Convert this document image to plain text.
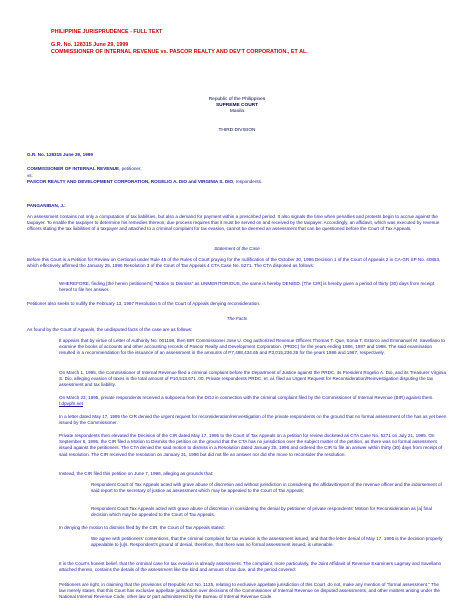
PHILIPPINE JURISPRUDENCE - FULL TEXT
G.R. No. 128315 June 29, 1999
COMMISSIONER OF INTERNAL REVENUE vs. PASCOR REALTY AND DEV'T CORPORATION., ET AL.
Republic of the Philippines
SUPREME COURT
Manila
THIRD DIVISION
G.R. No. 128315 June 29, 1999
COMMISSIONER OF INTERNAL REVENUE, petitioner,
vs.
PASCOR REALTY AND DEVELOPMENT CORPORATION, ROGELIO A. DIO and VIRGINIA S. DIO, respondents.
PANGANIBAN, J.:
An assessment contains not only a computation of tax liabilities, but also a demand for payment within a prescribed period. It also signals the time when penalties and protests begin to accrue against the taxpayer. To enable the taxpayer to determine his remedies thereon, due process requires that it must be served on and received by the taxpayer. Accordingly, an affidavit, which was executed by revenue officers stating the tax liabilities of a taxpayer and attached to a criminal complaint for tax evasion, cannot be deemed an assessment that can be questioned before the Court of Tax Appeals.
Statement of the Case
Before this Court is a Petition for Review on Certiorari under Rule 45 of the Rules of Court praying for the nullification of the October 30, 1996 Decision 1 of the Court of Appeals 2 in CA-GR SP No. 40853, which effectively affirmed the January 25, 1996 Resolution 3 of the Court of Tax Appeals 4 CTA Case No. 5271. The CTA disposed as follows:
WHEREFORE, finding [the herein petitioner's] "Motion to Dismiss" as UNMERITORIOUS, the same is hereby DENIED. [The CIR] is hereby given a period of thirty (30) days from receipt hereof to file her answer.
Petitioner also seeks to nullify the February 13, 1997 Resolution 5 of the Court of Appeals denying reconsideration.
The Facts
As found by the Court of Appeals, the undisputed facts of the case are as follows:
It appears that by virtue of Letter of Authority No. 001198, then BIR Commissioner Jose U. Ong authorized Revenue Officers Thomas T. Que, Sonia T. Estorco and Emmanuel M. Savellano to examine the books of accounts and other accounting records of Pascor Realty and Development Corporation. (PRDC) for the years ending 1986, 1987 and 1988. The said examination resulted in a recommendation for the issuance of an assessment in the amounts of P7,498,434.65 and P3,015,236.35 for the years 1986 and 1987, respectively.
On March 1, 1995, the Commissioner of Internal Revenue filed a criminal complaint before the Department of Justice against the PRDC, its President Rogelio A. Dio, and its Treasurer Virginia S. Dio, alleging evasion of taxes in the total amount of P10,513,671 .00. Private respondents PRDC, et. al. filed an Urgent Request for Reconsideration/Reinvestigation disputing the tax assessment and tax liability.
On March 23, 1995, private respondents received a subpoena from the DOJ in connection with the criminal complaint filed by the Commissioner of Internal Revenue (BIR) against them. f.dpvph!.net
In a letter dated May 17, 1995 the CIR denied the urgent request for reconsideration/reinvestigation of the private respondents on the ground that no formal assessment of the has as yet been issued by the Commissioner.
Private respondents then elevated the Decision of the CIR dated May 17, 1995 to the Court of Tax Appeals on a petition for review docketed as CTA Case No. 5271 on July 21, 1995. On September 6, 1995, the CIR filed a Motion to Dismiss the petition on the ground that the CTA has no jurisdiction over the subject matter of the petition, as there was no formal assessment issued against the petitioners. The CTA denied the said motion to dismiss in a Resolution dated January 25, 1996 and ordered the CIR to file an answer within thirty (30) days from receipt of said resolution. The CIR received the resolution on January 31, 1996 but did not file an answer nor did she move to reconsider the resolution.
Instead, the CIR filed this petition on June 7, 1996, alleging as grounds that:
Respondent Court of Tax Appeals acted with grave abuse of discretion and without jurisdiction in considering the affidavit/report of the revenue officer and the indorsement of said report to the secretary of justice as assessment which may be appealed to the Court of Tax Appeals;
Respondent Court Tax Appeals acted with grave abuse of discretion in considering the denial by petitioner of private respondents' Motion for Reconsideration as [a] final decision which may be appealed to the Court of Tax Appeals.
In denying the motion to dismiss filed by the CIR, the Court of Tax Appeals stated:
We agree with petitioners' contentions, that the criminal complaint for tax evasion is the assessment issued, and that the letter denial of May 17, 1995 is the decision properly appealable to [u]s. Respondent's ground of denial, therefore, that there was no formal assessment issued, is untenable.
It is the Court's honest belief, that the criminal case for tax evasion is already assessment. The complaint, more particularly, the Joint Affidavit of Revenue Examiners Lagmay and Savellano attached thereto, contains the details of the assessment like the kind and amount of tax due, and the period covered:
Petitioners are right, in claiming that the provisions of Republic Act No. 1125, relating to exclusive appellate jurisdiction of this Court, do not, make any mention of "formal assessment." The law merely states, that this Court has exclusive appellate jurisdiction over decisions of the Commissioner of Internal Revenue on disputed assessments, and other matters arising under the National Internal Revenue Code, other law or part administered by the Bureau of Internal Revenue Code.
